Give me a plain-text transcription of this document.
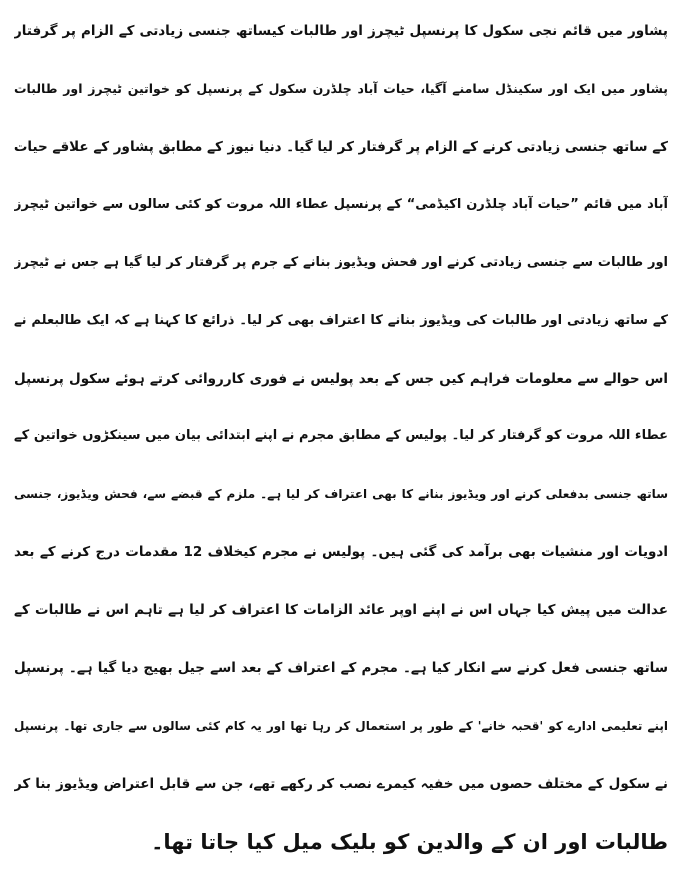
پشاور میں قائم نجی سکول کا پرنسپل ٹیچرز اور طالبات کیساتھ جنسی زیادتی کے الزام پر گرفتار
پشاور میں ایک اور سکینڈل سامنے آگیا، حیات آباد چلڈرن سکول کے پرنسپل کو خواتین ٹیچرز اور طالبات
کے ساتھ جنسی زیادتی کرنے کے الزام پر گرفتار کر لیا گیا۔ دنیا نیوز کے مطابق پشاور کے علاقے حیات
آباد میں قائم ”حیات آباد چلڈرن اکیڈمی“ کے پرنسپل عطاء اللہ مروت کو کئی سالوں سے خواتین ٹیچرز
اور طالبات سے جنسی زیادتی کرنے اور فحش ویڈیوز بنانے کے جرم پر گرفتار کر لیا گیا ہے جس نے ٹیچرز
کے ساتھ زیادتی اور طالبات کی ویڈیوز بنانے کا اعتراف بھی کر لیا۔ ذرائع کا کہنا ہے کہ ایک طالبعلم نے
اس حوالے سے معلومات فراہم کیں جس کے بعد پولیس نے فوری کارروائی کرتے ہوئے سکول پرنسپل
عطاء اللہ مروت کو گرفتار کر لیا۔ پولیس کے مطابق مجرم نے اپنے ابتدائی بیان میں سینکڑوں خواتین کے
ساتھ جنسی بدفعلی کرنے اور ویڈیوز بنانے کا بھی اعتراف کر لیا ہے۔ ملزم کے قبضے سے، فحش ویڈیوز، جنسی
ادویات اور منشیات بھی برآمد کی گئی ہیں۔ پولیس نے مجرم کیخلاف 12 مقدمات درج کرنے کے بعد
عدالت میں پیش کیا جہاں اس نے اپنے اوپر عائد الزامات کا اعتراف کر لیا ہے تاہم اس نے طالبات کے
ساتھ جنسی فعل کرنے سے انکار کیا ہے۔ مجرم کے اعتراف کے بعد اسے جیل بھیج دیا گیا ہے۔ پرنسپل
اپنے تعلیمی ادارے کو 'قحبہ خانے' کے طور پر استعمال کر رہا تھا اور یہ کام کئی سالوں سے جاری تھا۔ پرنسپل
نے سکول کے مختلف حصوں میں خفیہ کیمرے نصب کر رکھے تھے، جن سے قابل اعتراض ویڈیوز بنا کر
طالبات اور ان کے والدین کو بلیک میل کیا جاتا تھا۔
